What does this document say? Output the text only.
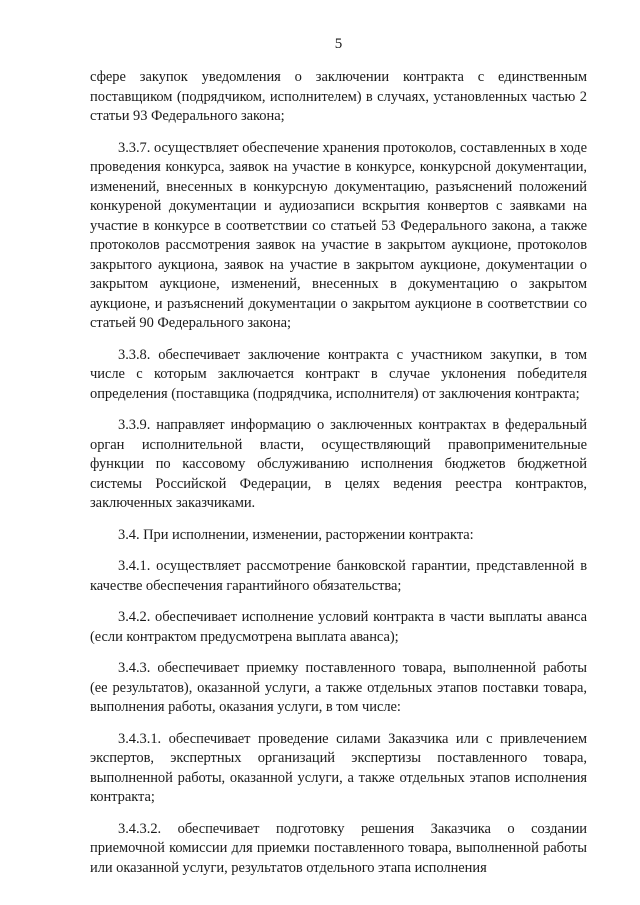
5

сфере закупок уведомления о заключении контракта с единственным поставщиком (подрядчиком, исполнителем) в случаях, установленных частью 2 статьи 93 Федерального закона;

3.3.7. осуществляет обеспечение хранения протоколов, составленных в ходе проведения конкурса, заявок на участие в конкурсе, конкурсной документации, изменений, внесенных в конкурсную документацию, разъяснений положений конкуреной документации и аудиозаписи вскрытия конвертов с заявками на участие в конкурсе в соответствии со статьей 53 Федерального закона, а также протоколов рассмотрения заявок на участие в закрытом аукционе, протоколов закрытого аукциона, заявок на участие в закрытом аукционе, документации о закрытом аукционе, изменений, внесенных в документацию о закрытом аукционе, и разъяснений документации о закрытом аукционе в соответствии со статьей 90 Федерального закона;

3.3.8. обеспечивает заключение контракта с участником закупки, в том числе с которым заключается контракт в случае уклонения победителя определения (поставщика (подрядчика, исполнителя) от заключения контракта;

3.3.9. направляет информацию о заключенных контрактах в федеральный орган исполнительной власти, осуществляющий правоприменительные функции по кассовому обслуживанию исполнения бюджетов бюджетной системы Российской Федерации, в целях ведения реестра контрактов, заключенных заказчиками.

3.4. При исполнении, изменении, расторжении контракта:

3.4.1. осуществляет рассмотрение банковской гарантии, представленной в качестве обеспечения гарантийного обязательства;

3.4.2. обеспечивает исполнение условий контракта в части выплаты аванса (если контрактом предусмотрена выплата аванса);

3.4.3. обеспечивает приемку поставленного товара, выполненной работы (ее результатов), оказанной услуги, а также отдельных этапов поставки товара, выполнения работы, оказания услуги, в том числе:

3.4.3.1. обеспечивает проведение силами Заказчика или с привлечением экспертов, экспертных организаций экспертизы поставленного товара, выполненной работы, оказанной услуги, а также отдельных этапов исполнения контракта;

3.4.3.2. обеспечивает подготовку решения Заказчика о создании приемочной комиссии для приемки поставленного товара, выполненной работы или оказанной услуги, результатов отдельного этапа исполнения
